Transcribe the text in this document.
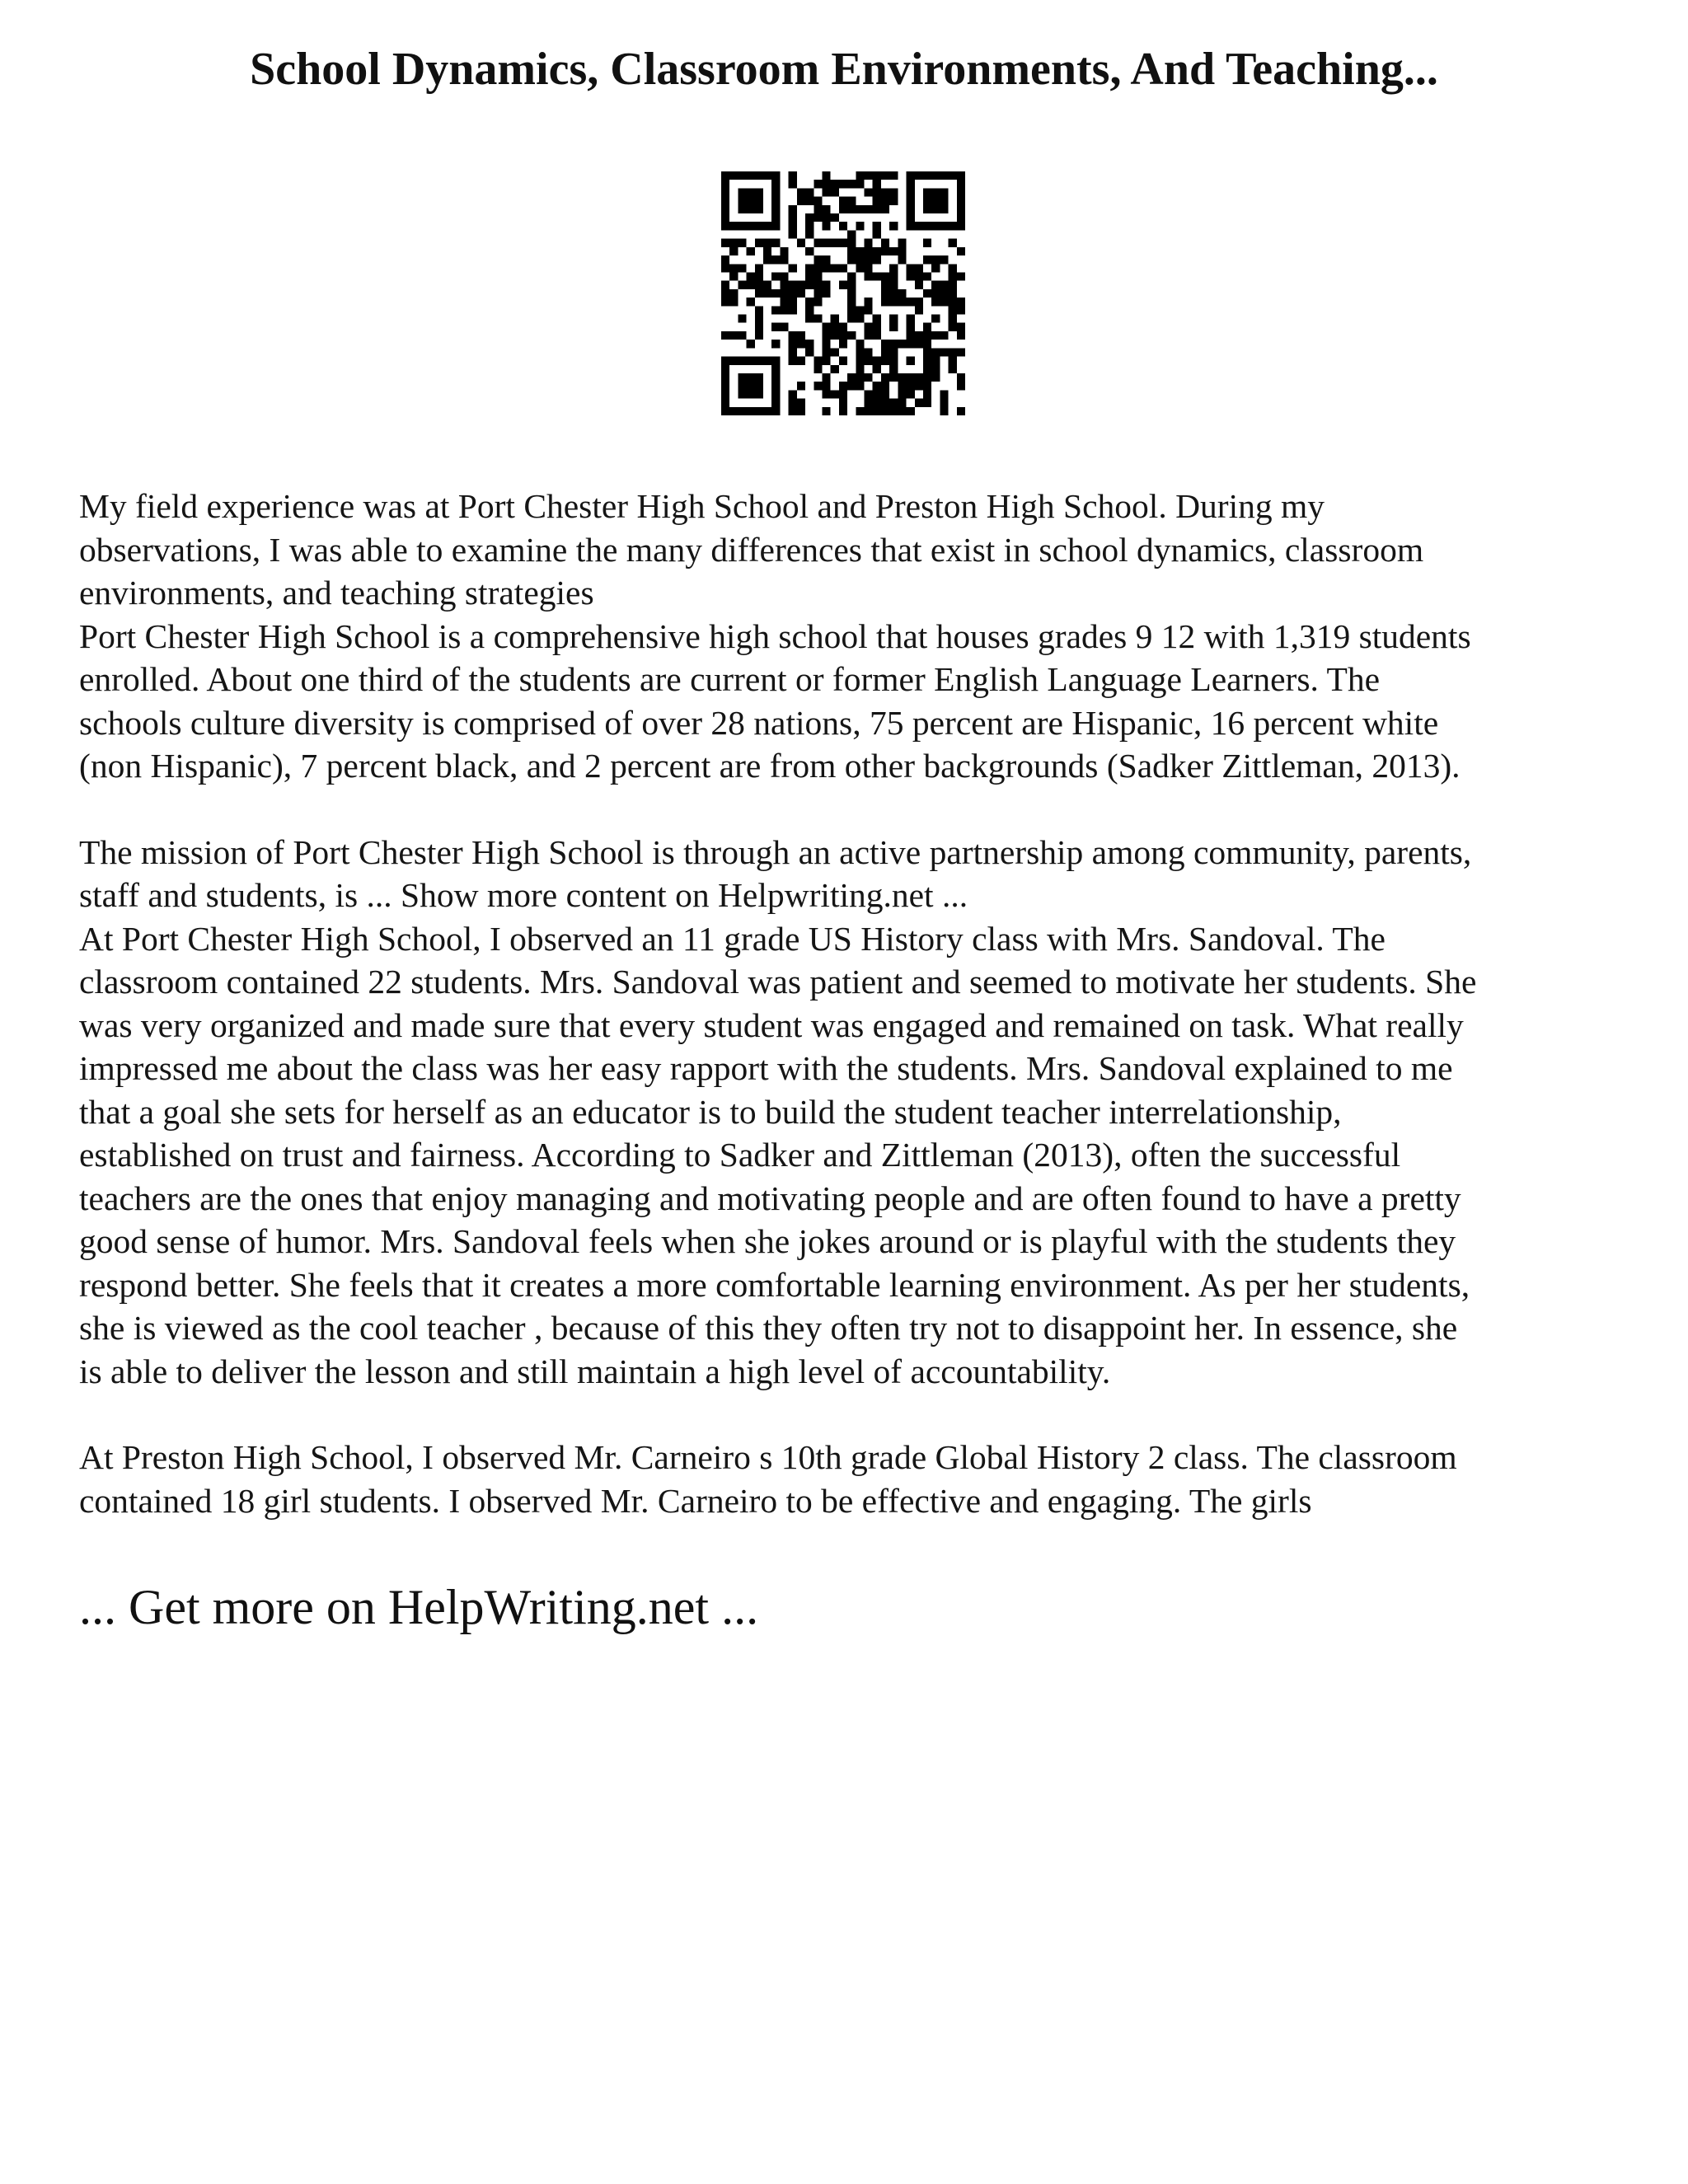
School Dynamics, Classroom Environments, And Teaching...

My field experience was at Port Chester High School and Preston High School. During my
observations, I was able to examine the many differences that exist in school dynamics, classroom
environments, and teaching strategies
Port Chester High School is a comprehensive high school that houses grades 9 12 with 1,319 students
enrolled. About one third of the students are current or former English Language Learners. The
schools culture diversity is comprised of over 28 nations, 75 percent are Hispanic, 16 percent white
(non Hispanic), 7 percent black, and 2 percent are from other backgrounds (Sadker Zittleman, 2013).

The mission of Port Chester High School is through an active partnership among community, parents,
staff and students, is ... Show more content on Helpwriting.net ...
At Port Chester High School, I observed an 11 grade US History class with Mrs. Sandoval. The
classroom contained 22 students. Mrs. Sandoval was patient and seemed to motivate her students. She
was very organized and made sure that every student was engaged and remained on task. What really
impressed me about the class was her easy rapport with the students. Mrs. Sandoval explained to me
that a goal she sets for herself as an educator is to build the student teacher interrelationship,
established on trust and fairness. According to Sadker and Zittleman (2013), often the successful
teachers are the ones that enjoy managing and motivating people and are often found to have a pretty
good sense of humor. Mrs. Sandoval feels when she jokes around or is playful with the students they
respond better. She feels that it creates a more comfortable learning environment. As per her students,
she is viewed as the cool teacher , because of this they often try not to disappoint her. In essence, she
is able to deliver the lesson and still maintain a high level of accountability.

At Preston High School, I observed Mr. Carneiro s 10th grade Global History 2 class. The classroom
contained 18 girl students. I observed Mr. Carneiro to be effective and engaging. The girls

... Get more on HelpWriting.net ...
